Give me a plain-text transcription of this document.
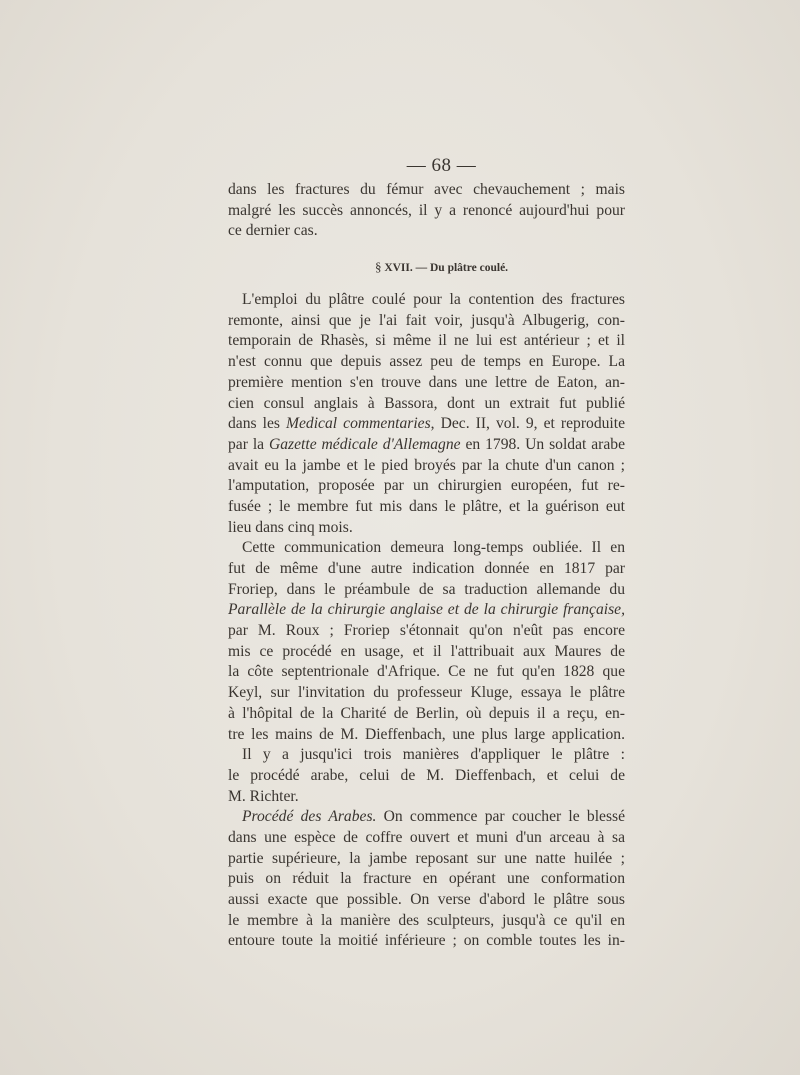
— 68 —
dans les fractures du fémur avec chevauchement ; mais
malgré les succès annoncés, il y a renoncé aujourd'hui pour
ce dernier cas.
§ XVII. — Du plâtre coulé.
L'emploi du plâtre coulé pour la contention des fractures
remonte, ainsi que je l'ai fait voir, jusqu'à Albugerig, con-
temporain de Rhasès, si même il ne lui est antérieur ; et il
n'est connu que depuis assez peu de temps en Europe. La
première mention s'en trouve dans une lettre de Eaton, an-
cien consul anglais à Bassora, dont un extrait fut publié
dans les Medical commentaries, Dec. II, vol. 9, et reproduite
par la Gazette médicale d'Allemagne en 1798. Un soldat arabe
avait eu la jambe et le pied broyés par la chute d'un canon ;
l'amputation, proposée par un chirurgien européen, fut re-
fusée ; le membre fut mis dans le plâtre, et la guérison eut
lieu dans cinq mois.
Cette communication demeura long-temps oubliée. Il en
fut de même d'une autre indication donnée en 1817 par
Froriep, dans le préambule de sa traduction allemande du
Parallèle de la chirurgie anglaise et de la chirurgie française,
par M. Roux ; Froriep s'étonnait qu'on n'eût pas encore
mis ce procédé en usage, et il l'attribuait aux Maures de
la côte septentrionale d'Afrique. Ce ne fut qu'en 1828 que
Keyl, sur l'invitation du professeur Kluge, essaya le plâtre
à l'hôpital de la Charité de Berlin, où depuis il a reçu, en-
tre les mains de M. Dieffenbach, une plus large application.
Il y a jusqu'ici trois manières d'appliquer le plâtre :
le procédé arabe, celui de M. Dieffenbach, et celui de
M. Richter.
Procédé des Arabes. On commence par coucher le blessé
dans une espèce de coffre ouvert et muni d'un arceau à sa
partie supérieure, la jambe reposant sur une natte huilée ;
puis on réduit la fracture en opérant une conformation
aussi exacte que possible. On verse d'abord le plâtre sous
le membre à la manière des sculpteurs, jusqu'à ce qu'il en
entoure toute la moitié inférieure ; on comble toutes les in-
